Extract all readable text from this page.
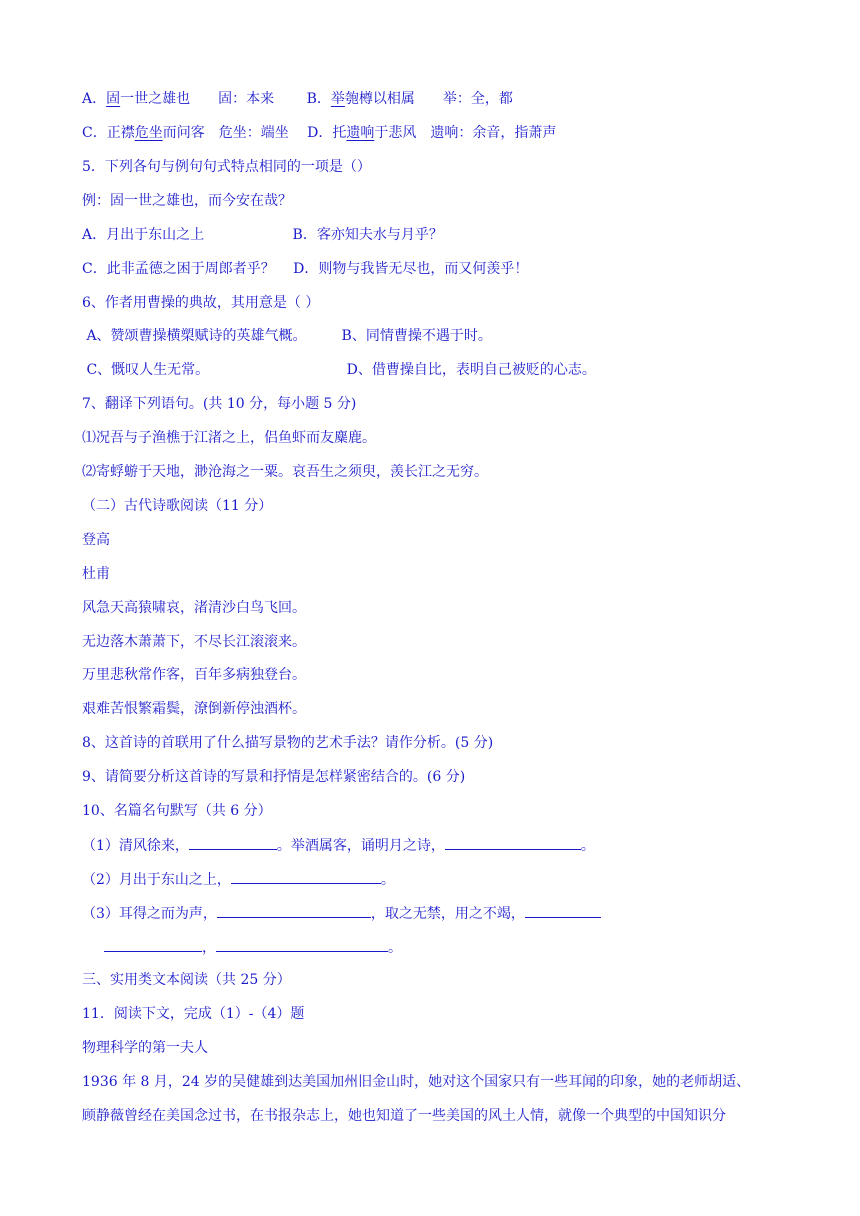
A．固一世之雄也　　固：本来　　 B．举匏樽以相属　　举：全，都
C．正襟危坐而问客　危坐：端坐　 D．托遗响于悲风　遗响：余音，指萧声
5．下列各句与例句句式特点相同的一项是（）
例：固一世之雄也，而今安在哉？
A．月出于东山之上　　　　　　 B．客亦知夫水与月乎？
C．此非孟德之困于周郎者乎？　 D．则物与我皆无尽也，而又何羡乎！
6、作者用曹操的典故，其用意是（ ）
A、赞颂曹操横槊赋诗的英雄气概。　　　B、同情曹操不遇于时。
C、慨叹人生无常。　　　　　　　　　　 D、借曹操自比，表明自己被贬的心志。
7、翻译下列语句。(共 10 分，每小题 5 分)
⑴况吾与子渔樵于江渚之上，侣鱼虾而友麋鹿。
⑵寄蜉蝣于天地，渺沧海之一粟。哀吾生之须臾，羡长江之无穷。
（二）古代诗歌阅读（11 分）
登高
杜甫
风急天高猿啸哀，渚清沙白鸟飞回。
无边落木萧萧下，不尽长江滚滚来。
万里悲秋常作客，百年多病独登台。
艰难苦恨繁霜鬓，潦倒新停浊酒杯。
8、这首诗的首联用了什么描写景物的艺术手法？请作分析。(5 分)
9、请简要分析这首诗的写景和抒情是怎样紧密结合的。(6 分)
10、名篇名句默写（共 6 分）
（1）清风徐来，	。举酒属客，诵明月之诗，	。
（2）月出于东山之上，	。
（3）耳得之而为声，	，取之无禁，用之不竭，
，	。
三、实用类文本阅读（共 25 分）
11．阅读下文，完成（1）-（4）题
物理科学的第一夫人
1936 年 8 月，24 岁的吴健雄到达美国加州旧金山时，她对这个国家只有一些耳闻的印象，她的老师胡适、
顾静薇曾经在美国念过书，在书报杂志上，她也知道了一些美国的风土人情，就像一个典型的中国知识分
